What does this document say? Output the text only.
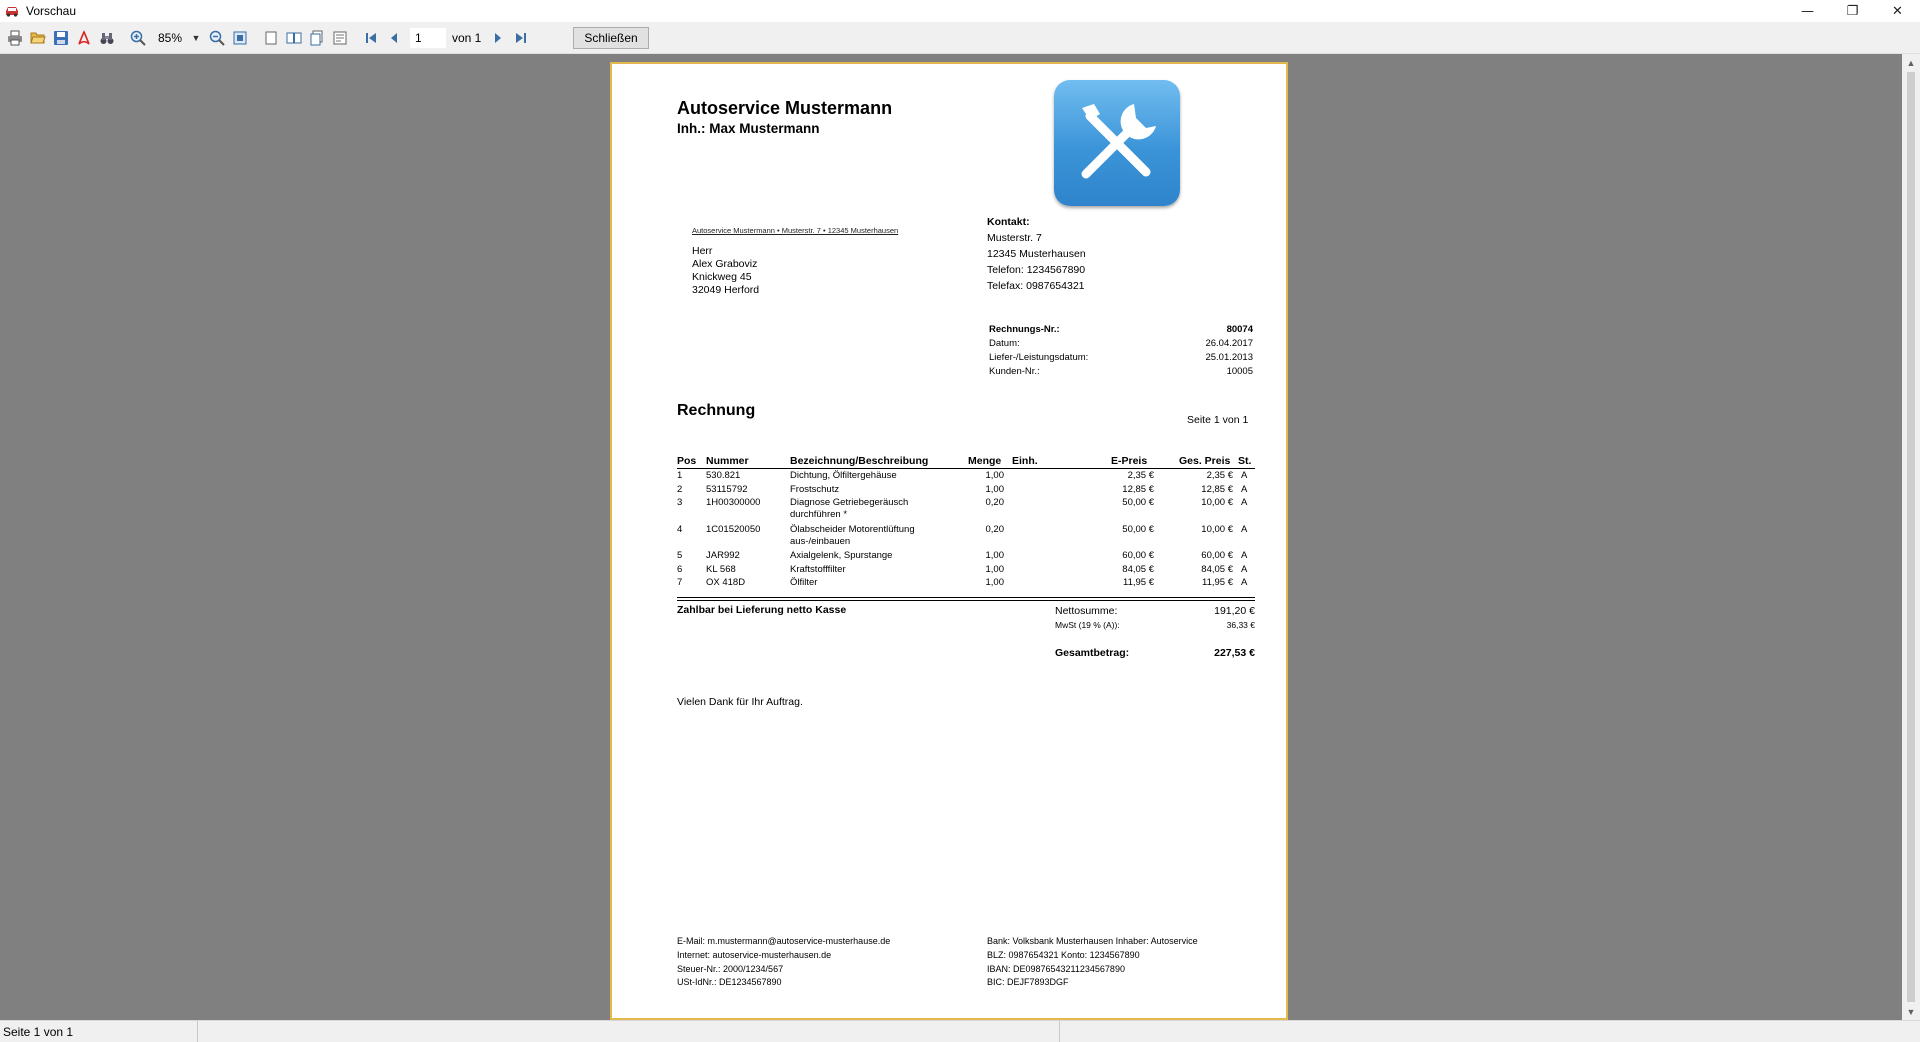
Vorschau	—	❐	✕
85%	▼
1	von 1	Schließen
▲
▼
Autoservice Mustermann
Inh.: Max Mustermann
Autoservice Mustermann • Musterstr. 7 • 12345 Musterhausen
Herr
Alex Graboviz
Knickweg 45
32049 Herford
Kontakt:
Musterstr. 7
12345 Musterhausen
Telefon: 1234567890
Telefax: 0987654321
Rechnungs-Nr.:	80074
Datum:	26.04.2017
Liefer-/Leistungsdatum:	25.01.2013
Kunden-Nr.:	10005
Rechnung
Seite 1 von 1
Pos Nummer	Bezeichnung/Beschreibung	Menge Einh.	E-Preis	Ges. Preis St.
1 530.821	Dichtung, Ölfiltergehäuse	1,00	2,35 €	2,35 € A
2 53115792	Frostschutz	1,00	12,85 €	12,85 € A
3 1H00300000	Diagnose Getriebegeräusch	0,20	50,00 €	10,00 € A
durchführen *
4 1C01520050	Ölabscheider Motorentlüftung	0,20	50,00 €	10,00 € A
aus-/einbauen
5 JAR992	Axialgelenk, Spurstange	1,00	60,00 €	60,00 € A
6 KL 568	Kraftstofffilter	1,00	84,05 €	84,05 € A
7 OX 418D	Ölfilter	1,00	11,95 €	11,95 € A
Zahlbar bei Lieferung netto Kasse	Nettosumme:	191,20 €
MwSt (19 % (A)):	36,33 €
Gesamtbetrag:	227,53 €
Vielen Dank für Ihr Auftrag.
E-Mail: m.mustermann@autoservice-musterhause.de
Internet: autoservice-musterhausen.de
Steuer-Nr.: 2000/1234/567
USt-IdNr.: DE1234567890
Bank: Volksbank Musterhausen Inhaber: Autoservice
BLZ: 0987654321 Konto: 1234567890
IBAN: DE09876543211234567890
BIC: DEJF7893DGF
Seite 1 von 1
